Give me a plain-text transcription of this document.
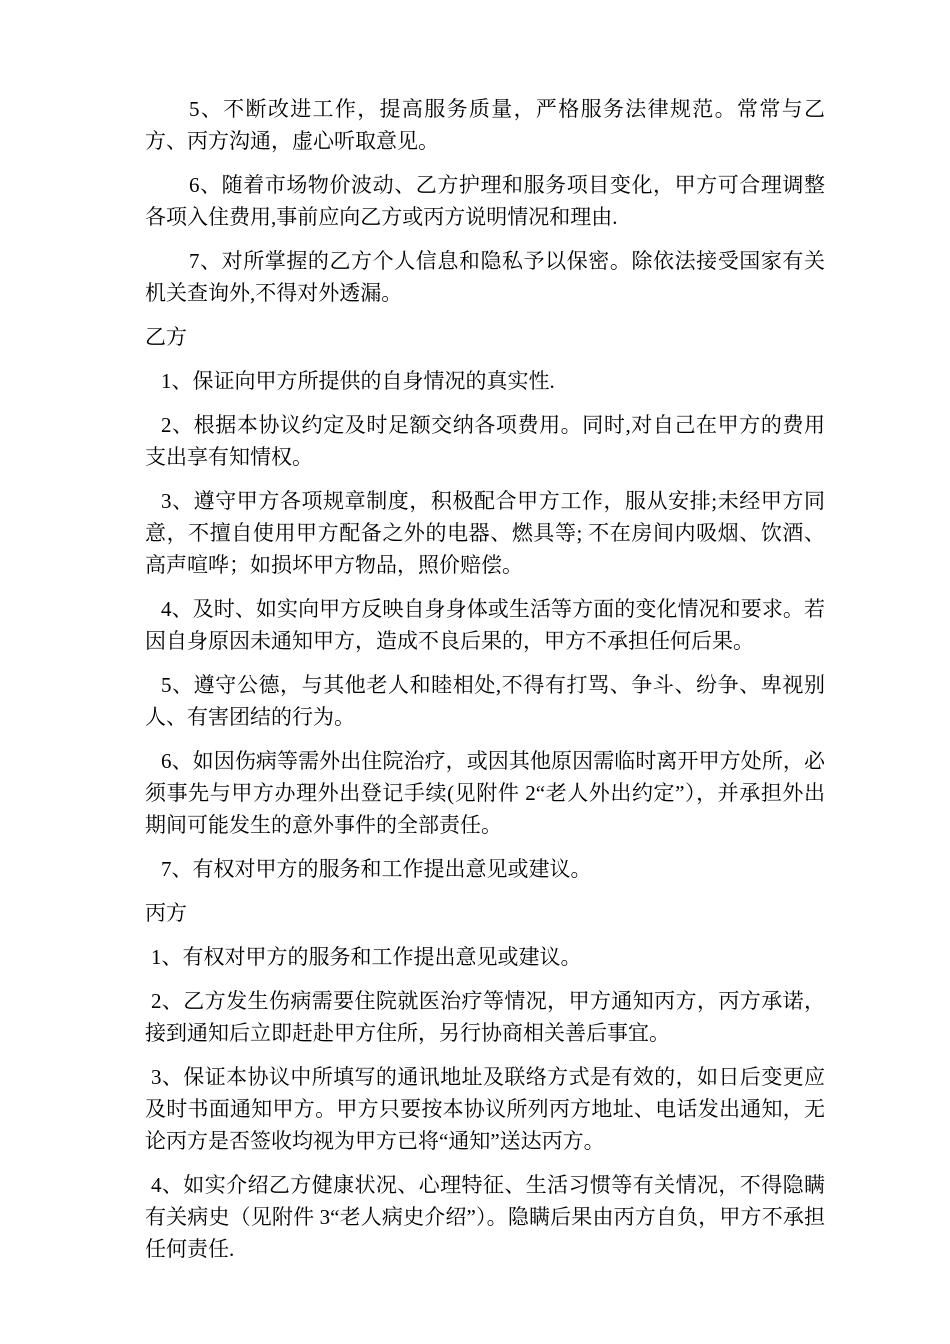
5、不断改进工作，提高服务质量，严格服务法律规范。常常与乙方、丙方沟通，虚心听取意见。

6、随着市场物价波动、乙方护理和服务项目变化，甲方可合理调整各项入住费用,事前应向乙方或丙方说明情况和理由.

7、对所掌握的乙方个人信息和隐私予以保密。除依法接受国家有关机关查询外,不得对外透漏。

乙方

1、保证向甲方所提供的自身情况的真实性.

2、根据本协议约定及时足额交纳各项费用。同时,对自己在甲方的费用支出享有知情权。

3、遵守甲方各项规章制度，积极配合甲方工作，服从安排;未经甲方同意，不擅自使用甲方配备之外的电器、燃具等; 不在房间内吸烟、饮酒、高声喧哗；如损坏甲方物品，照价赔偿。

4、及时、如实向甲方反映自身身体或生活等方面的变化情况和要求。若因自身原因未通知甲方，造成不良后果的，甲方不承担任何后果。

5、遵守公德，与其他老人和睦相处,不得有打骂、争斗、纷争、卑视别人、有害团结的行为。

6、如因伤病等需外出住院治疗，或因其他原因需临时离开甲方处所，必须事先与甲方办理外出登记手续(见附件 2“老人外出约定”），并承担外出期间可能发生的意外事件的全部责任。

7、有权对甲方的服务和工作提出意见或建议。

丙方

1、有权对甲方的服务和工作提出意见或建议。

2、乙方发生伤病需要住院就医治疗等情况，甲方通知丙方，丙方承诺，接到通知后立即赶赴甲方住所，另行协商相关善后事宜。

3、保证本协议中所填写的通讯地址及联络方式是有效的，如日后变更应及时书面通知甲方。甲方只要按本协议所列丙方地址、电话发出通知，无论丙方是否签收均视为甲方已将“通知”送达丙方。

4、如实介绍乙方健康状况、心理特征、生活习惯等有关情况，不得隐瞒有关病史（见附件 3“老人病史介绍”）。隐瞒后果由丙方自负，甲方不承担任何责任.
